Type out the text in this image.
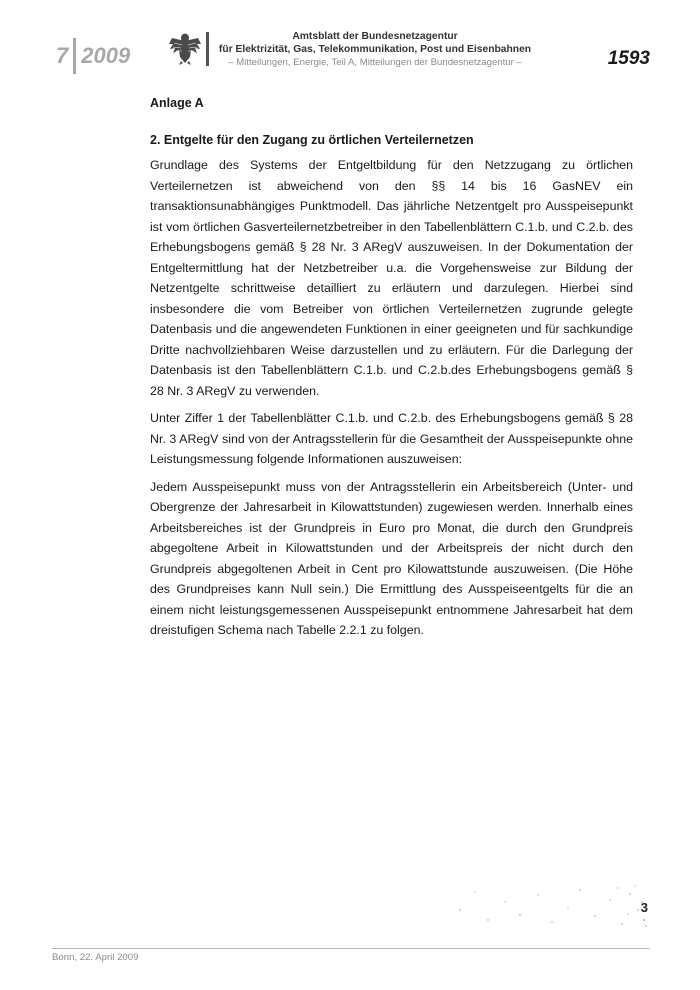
7 2009
Amtsblatt der Bundesnetzagentur
für Elektrizität, Gas, Telekommunikation, Post und Eisenbahnen
– Mitteilungen, Energie, Teil A, Mitteilungen der Bundesnetzagentur –	1593

Anlage A

2. Entgelte für den Zugang zu örtlichen Verteilernetzen

Grundlage des Systems der Entgeltbildung für den Netzzugang zu örtlichen Verteilernetzen ist abweichend von den §§ 14 bis 16 GasNEV ein transaktionsunabhängiges Punktmodell. Das jährliche Netzentgelt pro Ausspeisepunkt ist vom örtlichen Gasverteilernetzbetreiber in den Tabellenblättern C.1.b. und C.2.b. des Erhebungsbogens gemäß § 28 Nr. 3 ARegV auszuweisen. In der Dokumentation der Entgeltermittlung hat der Netzbetreiber u.a. die Vorgehensweise zur Bildung der Netzentgelte schrittweise detailliert zu erläutern und darzulegen. Hierbei sind insbesondere die vom Betreiber von örtlichen Verteilernetzen zugrunde gelegte Datenbasis und die angewendeten Funktionen in einer geeigneten und für sachkundige Dritte nachvollziehbaren Weise darzustellen und zu erläutern. Für die Darlegung der Datenbasis ist den Tabellenblättern C.1.b. und C.2.b.des Erhebungsbogens gemäß § 28 Nr. 3 ARegV zu verwenden.

Unter Ziffer 1 der Tabellenblätter C.1.b. und C.2.b. des Erhebungsbogens gemäß § 28 Nr. 3 ARegV sind von der Antragsstellerin für die Gesamtheit der Ausspeisepunkte ohne Leistungsmessung folgende Informationen auszuweisen:

Jedem Ausspeisepunkt muss von der Antragsstellerin ein Arbeitsbereich (Unter- und Obergrenze der Jahresarbeit in Kilowattstunden) zugewiesen werden. Innerhalb eines Arbeitsbereiches ist der Grundpreis in Euro pro Monat, die durch den Grundpreis abgegoltene Arbeit in Kilowattstunden und der Arbeitspreis der nicht durch den Grundpreis abgegoltenen Arbeit in Cent pro Kilowattstunde auszuweisen. (Die Höhe des Grundpreises kann Null sein.) Die Ermittlung des Ausspeiseentgelts für die an einem nicht leistungsgemessenen Ausspeisepunkt entnommene Jahresarbeit hat dem dreistufigen Schema nach Tabelle 2.2.1 zu folgen.

3
Bonn, 22. April 2009
